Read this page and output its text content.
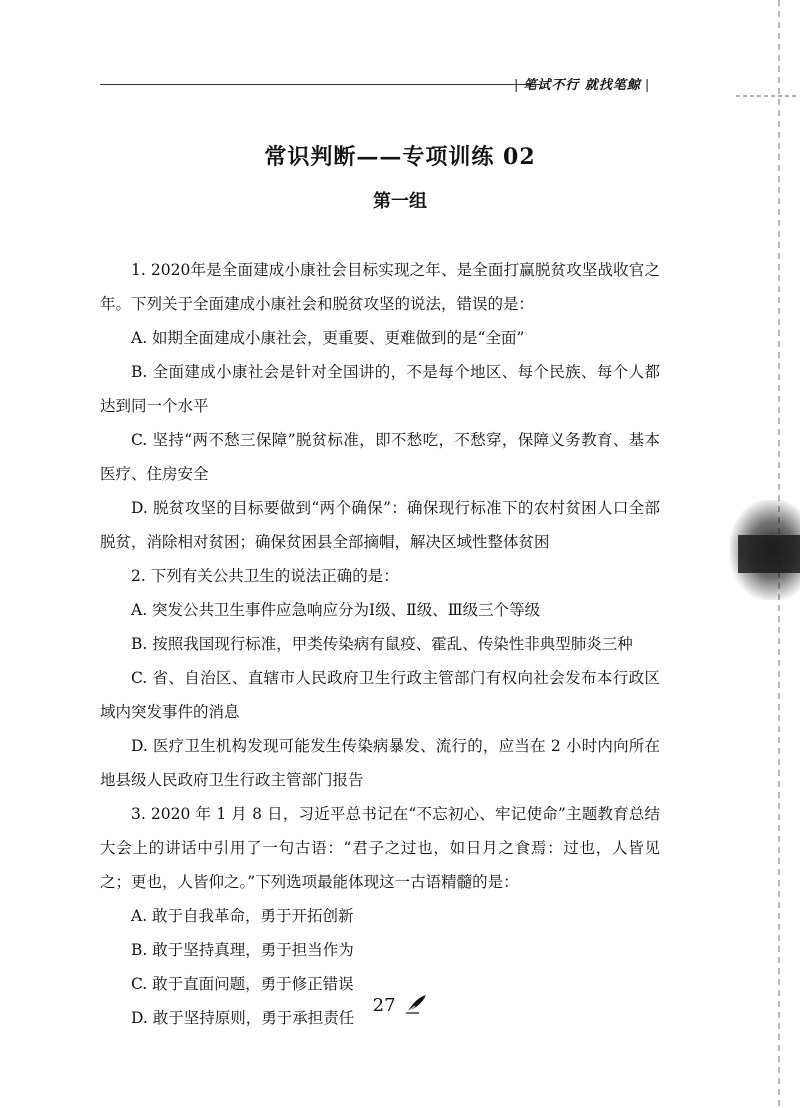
| 笔试不行 就找笔鲸 |
常识判断——专项训练 02
第一组

1. 2020年是全面建成小康社会目标实现之年、是全面打赢脱贫攻坚战收官之年。下列关于全面建成小康社会和脱贫攻坚的说法，错误的是：

A. 如期全面建成小康社会，更重要、更难做到的是“全面”

B. 全面建成小康社会是针对全国讲的，不是每个地区、每个民族、每个人都达到同一个水平

C. 坚持“两不愁三保障”脱贫标准，即不愁吃，不愁穿，保障义务教育、基本医疗、住房安全

D. 脱贫攻坚的目标要做到“两个确保”：确保现行标准下的农村贫困人口全部脱贫，消除相对贫困；确保贫困县全部摘帽，解决区域性整体贫困

2. 下列有关公共卫生的说法正确的是：

A. 突发公共卫生事件应急响应分为Ⅰ级、Ⅱ级、Ⅲ级三个等级

B. 按照我国现行标准，甲类传染病有鼠疫、霍乱、传染性非典型肺炎三种

C. 省、自治区、直辖市人民政府卫生行政主管部门有权向社会发布本行政区域内突发事件的消息

D. 医疗卫生机构发现可能发生传染病暴发、流行的，应当在 2 小时内向所在地县级人民政府卫生行政主管部门报告

3. 2020 年 1 月 8 日，习近平总书记在“不忘初心、牢记使命”主题教育总结大会上的讲话中引用了一句古语：“君子之过也，如日月之食焉：过也，人皆见之；更也，人皆仰之。”下列选项最能体现这一古语精髓的是：

A. 敢于自我革命，勇于开拓创新

B. 敢于坚持真理，勇于担当作为

C. 敢于直面问题，勇于修正错误

D. 敢于坚持原则，勇于承担责任

27
